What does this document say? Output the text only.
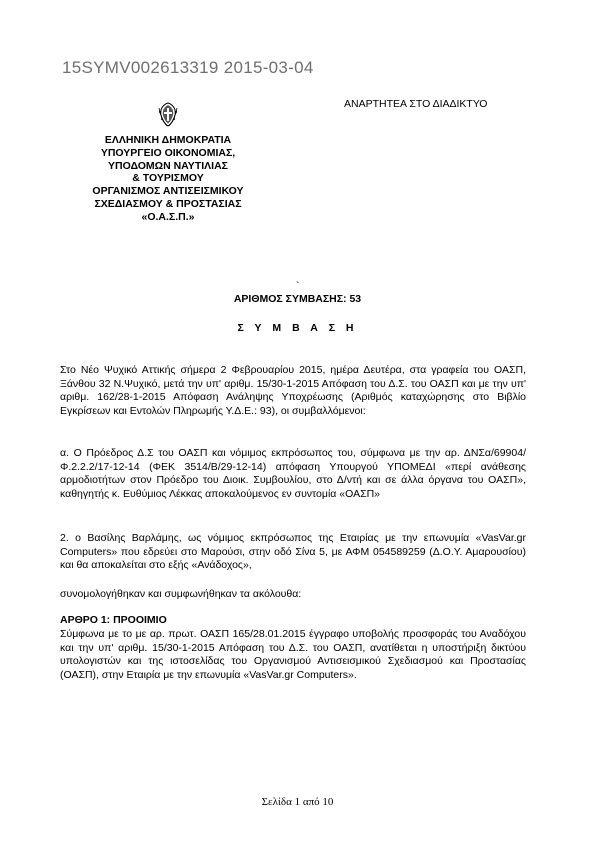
15SYMV002613319 2015-03-04
ΑΝΑΡΤΗΤΕΑ ΣΤΟ ΔΙΑΔΙΚΤΥΟ
ΕΛΛΗΝΙΚΗ ΔΗΜΟΚΡΑΤΙΑ
ΥΠΟΥΡΓΕΙΟ ΟΙΚΟΝΟΜΙΑΣ,
ΥΠΟΔΟΜΩΝ ΝΑΥΤΙΛΙΑΣ
& ΤΟΥΡΙΣΜΟΥ
ΟΡΓΑΝΙΣΜΟΣ ΑΝΤΙΣΕΙΣΜΙΚΟΥ
ΣΧΕΔΙΑΣΜΟΥ & ΠΡΟΣΤΑΣΙΑΣ
«Ο.Α.Σ.Π.»
`
ΑΡΙΘΜΟΣ ΣΥΜΒΑΣΗΣ: 53
Σ Υ Μ Β Α Σ Η
Στο Νέο Ψυχικό Αττικής σήμερα 2 Φεβρουαρίου 2015, ημέρα Δευτέρα, στα γραφεία του ΟΑΣΠ, Ξάνθου 32 Ν.Ψυχικό, μετά την υπ' αριθμ. 15/30-1-2015 Απόφαση του Δ.Σ. του ΟΑΣΠ και με την υπ' αριθμ. 162/28-1-2015 Απόφαση Ανάληψης Υποχρέωσης (Αριθμός καταχώρησης στο Βιβλίο Εγκρίσεων και Εντολών Πληρωμής Υ.Δ.Ε.: 93), οι συμβαλλόμενοι:
α. Ο Πρόεδρος Δ.Σ του ΟΑΣΠ και νόμιμος εκπρόσωπος του, σύμφωνα με την αρ. ΔΝΣα/69904/Φ.2.2.2/17-12-14 (ΦΕΚ 3514/Β/29-12-14) απόφαση Υπουργού ΥΠΟΜΕΔΙ «περί ανάθεσης αρμοδιοτήτων στον Πρόεδρο του Διοικ. Συμβουλίου, στο Δ/ντή και σε άλλα όργανα του ΟΑΣΠ», καθηγητής κ. Ευθύμιος Λέκκας αποκαλούμενος εν συντομία «ΟΑΣΠ»
2. ο Βασίλης Βαρλάμης, ως νόμιμος εκπρόσωπος της Εταιρίας με την επωνυμία «VasVar.gr Computers» που εδρεύει στο Μαρούσι, στην οδό Σίνα 5, με ΑΦΜ 054589259 (Δ.Ο.Υ. Αμαρουσίου) και θα αποκαλείται στο εξής «Ανάδοχος»,
συνομολογήθηκαν και συμφωνήθηκαν τα ακόλουθα:
ΑΡΘΡΟ 1: ΠΡΟΟΙΜΙΟ
Σύμφωνα με το με αρ. πρωτ. ΟΑΣΠ 165/28.01.2015 έγγραφο υποβολής προσφοράς του Αναδόχου και την υπ' αριθμ. 15/30-1-2015 Απόφαση του Δ.Σ. του ΟΑΣΠ, ανατίθεται η υποστήριξη δικτύου υπολογιστών και της ιστοσελίδας του Οργανισμού Αντισεισμικού Σχεδιασμού και Προστασίας (ΟΑΣΠ), στην Εταιρία με την επωνυμία «VasVar.gr Computers».
Σελίδα 1 από 10
